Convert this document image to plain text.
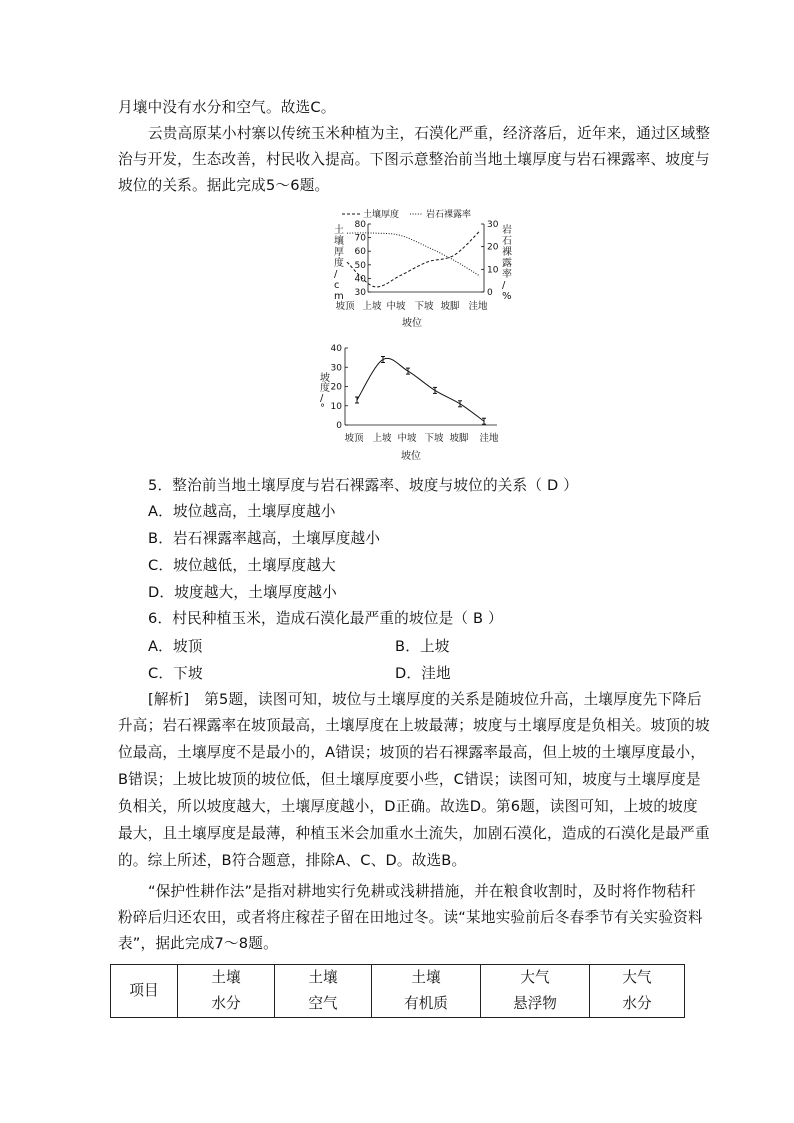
月壤中没有水分和空气。故选C。
云贵高原某小村寨以传统玉米种植为主，石漠化严重，经济落后，近年来，通过区域整
治与开发，生态改善，村民收入提高。下图示意整治前当地土壤厚度与岩石裸露率、坡度与
坡位的关系。据此完成5～6题。
土壤厚度	岩石裸露率
80
70
60
50
40
30
30
20
10
0
土壤厚度/ c m
岩石裸露率/ %
坡顶 上坡 中坡 下坡 坡脚 洼地
坡位
40
30
20
10
0
坡度/ °
坡顶 上坡 中坡 下坡 坡脚 洼地
坡位
5．整治前当地土壤厚度与岩石裸露率、坡度与坡位的关系（ D ）
A．坡位越高，土壤厚度越小
B．岩石裸露率越高，土壤厚度越小
C．坡位越低，土壤厚度越大
D．坡度越大，土壤厚度越小
6．村民种植玉米，造成石漠化最严重的坡位是（ B ）
A．坡顶	B．上坡
C．下坡	D．洼地
[解析]　第5题，读图可知，坡位与土壤厚度的关系是随坡位升高，土壤厚度先下降后
升高；岩石裸露率在坡顶最高，土壤厚度在上坡最薄；坡度与土壤厚度是负相关。坡顶的坡
位最高，土壤厚度不是最小的，A错误；坡顶的岩石裸露率最高，但上坡的土壤厚度最小，
B错误；上坡比坡顶的坡位低，但土壤厚度要小些，C错误；读图可知，坡度与土壤厚度是
负相关，所以坡度越大，土壤厚度越小，D正确。故选D。第6题，读图可知，上坡的坡度
最大，且土壤厚度是最薄，种植玉米会加重水土流失，加剧石漠化，造成的石漠化是最严重
的。综上所述，B符合题意，排除A、C、D。故选B。
“保护性耕作法”是指对耕地实行免耕或浅耕措施，并在粮食收割时，及时将作物秸秆
粉碎后归还农田，或者将庄稼茬子留在田地过冬。读“某地实验前后冬春季节有关实验资料
表”，据此完成7～8题。
项目	
土壤
水分

土壤
空气

土壤
有机质

大气
悬浮物

大气
水分
